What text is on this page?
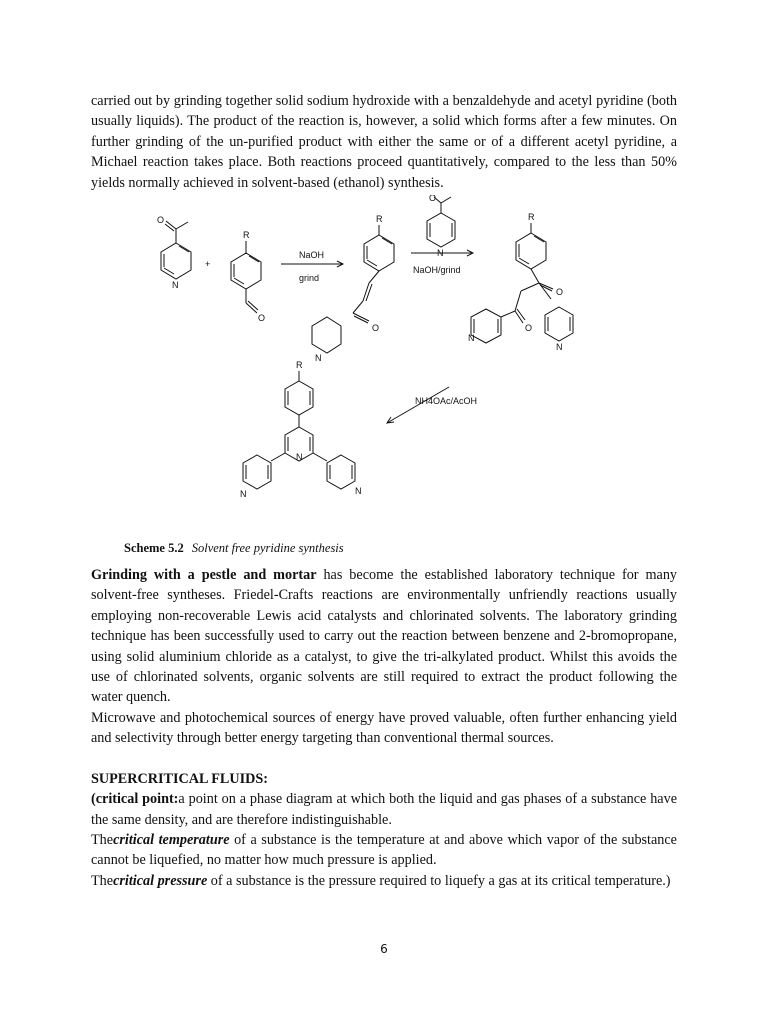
carried out by grinding together solid sodium hydroxide with a benzaldehyde and acetyl pyridine (both usually liquids). The product of the reaction is, however, a solid which forms after a few minutes. On further grinding of the un-purified product with either the same or of a different acetyl pyridine, a Michael reaction takes place. Both reactions proceed quantitatively, compared to the less than 50% yields normally achieved in solvent-based (ethanol) synthesis.

O
N
+
R
O
NaOH
grind
R
O
N
O
N
NaOH/grind
R
O
O
N
N
NH4OAc/AcOH
R
N
N	N
Scheme 5.2 Solvent free pyridine synthesis

Grinding with a pestle and mortar has become the established laboratory technique for many solvent-free syntheses. Friedel-Crafts reactions are environmentally unfriendly reactions usually employing non-recoverable Lewis acid catalysts and chlorinated solvents. The laboratory grinding technique has been successfully used to carry out the reaction between benzene and 2-bromopropane, using solid aluminium chloride as a catalyst, to give the tri-alkylated product. Whilst this avoids the use of chlorinated solvents, organic solvents are still required to extract the product following the water quench.

Microwave and photochemical sources of energy have proved valuable, often further enhancing yield and selectivity through better energy targeting than conventional thermal sources.

SUPERCRITICAL FLUIDS:

(critical point:a point on a phase diagram at which both the liquid and gas phases of a substance have the same density, and are therefore indistinguishable.

Thecritical temperature of a substance is the temperature at and above which vapor of the substance cannot be liquefied, no matter how much pressure is applied.

Thecritical pressure of a substance is the pressure required to liquefy a gas at its critical temperature.)

6
